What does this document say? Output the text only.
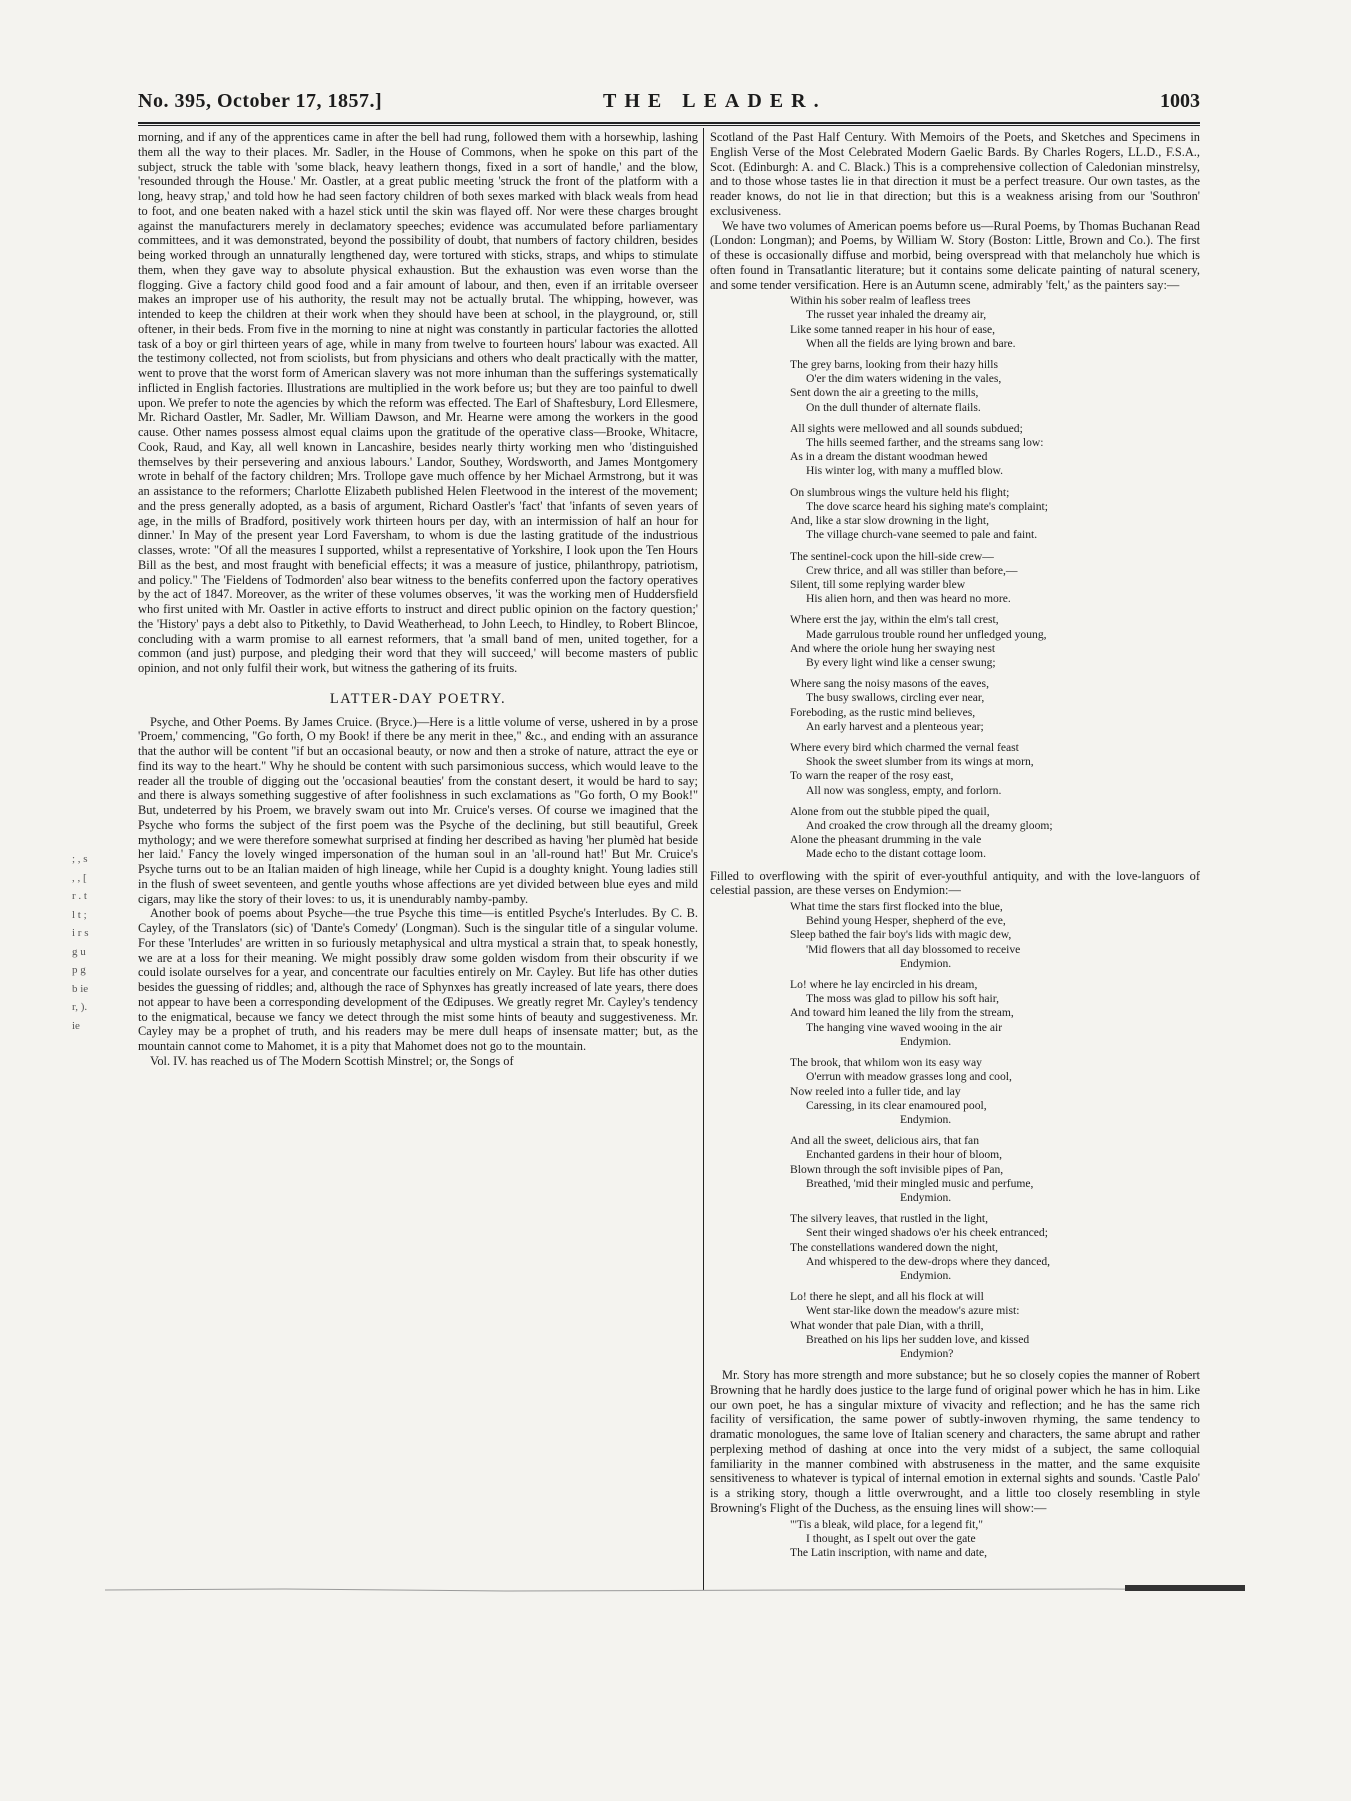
No. 395, October 17, 1857.]	THE LEADER.	1003
; , s , , [ r . t l t ; i r s g u p g b ie r, ). ie

morning, and if any of the apprentices came in after the bell had rung, followed them with a horsewhip, lashing them all the way to their places. Mr. Sadler, in the House of Commons, when he spoke on this part of the subject, struck the table with 'some black, heavy leathern thongs, fixed in a sort of handle,' and the blow, 'resounded through the House.' Mr. Oastler, at a great public meeting 'struck the front of the platform with a long, heavy strap,' and told how he had seen factory children of both sexes marked with black weals from head to foot, and one beaten naked with a hazel stick until the skin was flayed off. Nor were these charges brought against the manufacturers merely in declamatory speeches; evidence was accumulated before parliamentary committees, and it was demonstrated, beyond the possibility of doubt, that numbers of factory children, besides being worked through an unnaturally lengthened day, were tortured with sticks, straps, and whips to stimulate them, when they gave way to absolute physical exhaustion. But the exhaustion was even worse than the flogging. Give a factory child good food and a fair amount of labour, and then, even if an irritable overseer makes an improper use of his authority, the result may not be actually brutal. The whipping, however, was intended to keep the children at their work when they should have been at school, in the playground, or, still oftener, in their beds. From five in the morning to nine at night was constantly in particular factories the allotted task of a boy or girl thirteen years of age, while in many from twelve to fourteen hours' labour was exacted. All the testimony collected, not from sciolists, but from physicians and others who dealt practically with the matter, went to prove that the worst form of American slavery was not more inhuman than the sufferings systematically inflicted in English factories. Illustrations are multiplied in the work before us; but they are too painful to dwell upon. We prefer to note the agencies by which the reform was effected. The Earl of Shaftesbury, Lord Ellesmere, Mr. Richard Oastler, Mr. Sadler, Mr. William Dawson, and Mr. Hearne were among the workers in the good cause. Other names possess almost equal claims upon the gratitude of the operative class—Brooke, Whitacre, Cook, Raud, and Kay, all well known in Lancashire, besides nearly thirty working men who 'distinguished themselves by their persevering and anxious labours.' Landor, Southey, Wordsworth, and James Montgomery wrote in behalf of the factory children; Mrs. Trollope gave much offence by her Michael Armstrong, but it was an assistance to the reformers; Charlotte Elizabeth published Helen Fleetwood in the interest of the movement; and the press generally adopted, as a basis of argument, Richard Oastler's 'fact' that 'infants of seven years of age, in the mills of Bradford, positively work thirteen hours per day, with an intermission of half an hour for dinner.' In May of the present year Lord Faversham, to whom is due the lasting gratitude of the industrious classes, wrote: "Of all the measures I supported, whilst a representative of Yorkshire, I look upon the Ten Hours Bill as the best, and most fraught with beneficial effects; it was a measure of justice, philanthropy, patriotism, and policy." The 'Fieldens of Todmorden' also bear witness to the benefits conferred upon the factory operatives by the act of 1847. Moreover, as the writer of these volumes observes, 'it was the working men of Huddersfield who first united with Mr. Oastler in active efforts to instruct and direct public opinion on the factory question;' the 'History' pays a debt also to Pitkethly, to David Weatherhead, to John Leech, to Hindley, to Robert Blincoe, concluding with a warm promise to all earnest reformers, that 'a small band of men, united together, for a common (and just) purpose, and pledging their word that they will succeed,' will become masters of public opinion, and not only fulfil their work, but witness the gathering of its fruits.

LATTER-DAY POETRY.

Psyche, and Other Poems. By James Cruice. (Bryce.)—Here is a little volume of verse, ushered in by a prose 'Proem,' commencing, "Go forth, O my Book! if there be any merit in thee," &c., and ending with an assurance that the author will be content "if but an occasional beauty, or now and then a stroke of nature, attract the eye or find its way to the heart." Why he should be content with such parsimonious success, which would leave to the reader all the trouble of digging out the 'occasional beauties' from the constant desert, it would be hard to say; and there is always something suggestive of after foolishness in such exclamations as "Go forth, O my Book!" But, undeterred by his Proem, we bravely swam out into Mr. Cruice's verses. Of course we imagined that the Psyche who forms the subject of the first poem was the Psyche of the declining, but still beautiful, Greek mythology; and we were therefore somewhat surprised at finding her described as having 'her plumèd hat beside her laid.' Fancy the lovely winged impersonation of the human soul in an 'all-round hat!' But Mr. Cruice's Psyche turns out to be an Italian maiden of high lineage, while her Cupid is a doughty knight. Young ladies still in the flush of sweet seventeen, and gentle youths whose affections are yet divided between blue eyes and mild cigars, may like the story of their loves: to us, it is unendurably namby-pamby.

Another book of poems about Psyche—the true Psyche this time—is entitled Psyche's Interludes. By C. B. Cayley, of the Translators (sic) of 'Dante's Comedy' (Longman). Such is the singular title of a singular volume. For these 'Interludes' are written in so furiously metaphysical and ultra mystical a strain that, to speak honestly, we are at a loss for their meaning. We might possibly draw some golden wisdom from their obscurity if we could isolate ourselves for a year, and concentrate our faculties entirely on Mr. Cayley. But life has other duties besides the guessing of riddles; and, although the race of Sphynxes has greatly increased of late years, there does not appear to have been a corresponding development of the Œdipuses. We greatly regret Mr. Cayley's tendency to the enigmatical, because we fancy we detect through the mist some hints of beauty and suggestiveness. Mr. Cayley may be a prophet of truth, and his readers may be mere dull heaps of insensate matter; but, as the mountain cannot come to Mahomet, it is a pity that Mahomet does not go to the mountain.

Vol. IV. has reached us of The Modern Scottish Minstrel; or, the Songs of

Scotland of the Past Half Century. With Memoirs of the Poets, and Sketches and Specimens in English Verse of the Most Celebrated Modern Gaelic Bards. By Charles Rogers, LL.D., F.S.A., Scot. (Edinburgh: A. and C. Black.) This is a comprehensive collection of Caledonian minstrelsy, and to those whose tastes lie in that direction it must be a perfect treasure. Our own tastes, as the reader knows, do not lie in that direction; but this is a weakness arising from our 'Southron' exclusiveness.

We have two volumes of American poems before us—Rural Poems, by Thomas Buchanan Read (London: Longman); and Poems, by William W. Story (Boston: Little, Brown and Co.). The first of these is occasionally diffuse and morbid, being overspread with that melancholy hue which is often found in Transatlantic literature; but it contains some delicate painting of natural scenery, and some tender versification. Here is an Autumn scene, admirably 'felt,' as the painters say:—

Within his sober realm of leafless trees
The russet year inhaled the dreamy air,
Like some tanned reaper in his hour of ease,
When all the fields are lying brown and bare.
The grey barns, looking from their hazy hills
O'er the dim waters widening in the vales,
Sent down the air a greeting to the mills,
On the dull thunder of alternate flails.
All sights were mellowed and all sounds subdued;
The hills seemed farther, and the streams sang low:
As in a dream the distant woodman hewed
His winter log, with many a muffled blow.
On slumbrous wings the vulture held his flight;
The dove scarce heard his sighing mate's complaint;
And, like a star slow drowning in the light,
The village church-vane seemed to pale and faint.
The sentinel-cock upon the hill-side crew—
Crew thrice, and all was stiller than before,—
Silent, till some replying warder blew
His alien horn, and then was heard no more.
Where erst the jay, within the elm's tall crest,
Made garrulous trouble round her unfledged young,
And where the oriole hung her swaying nest
By every light wind like a censer swung;
Where sang the noisy masons of the eaves,
The busy swallows, circling ever near,
Foreboding, as the rustic mind believes,
An early harvest and a plenteous year;
Where every bird which charmed the vernal feast
Shook the sweet slumber from its wings at morn,
To warn the reaper of the rosy east,
All now was songless, empty, and forlorn.
Alone from out the stubble piped the quail,
And croaked the crow through all the dreamy gloom;
Alone the pheasant drumming in the vale
Made echo to the distant cottage loom.

Filled to overflowing with the spirit of ever-youthful antiquity, and with the love-languors of celestial passion, are these verses on Endymion:—

What time the stars first flocked into the blue,
Behind young Hesper, shepherd of the eve,
Sleep bathed the fair boy's lids with magic dew,
'Mid flowers that all day blossomed to receive
Endymion.
Lo! where he lay encircled in his dream,
The moss was glad to pillow his soft hair,
And toward him leaned the lily from the stream,
The hanging vine waved wooing in the air
Endymion.
The brook, that whilom won its easy way
O'errun with meadow grasses long and cool,
Now reeled into a fuller tide, and lay
Caressing, in its clear enamoured pool,
Endymion.
And all the sweet, delicious airs, that fan
Enchanted gardens in their hour of bloom,
Blown through the soft invisible pipes of Pan,
Breathed, 'mid their mingled music and perfume,
Endymion.
The silvery leaves, that rustled in the light,
Sent their winged shadows o'er his cheek entranced;
The constellations wandered down the night,
And whispered to the dew-drops where they danced,
Endymion.
Lo! there he slept, and all his flock at will
Went star-like down the meadow's azure mist:
What wonder that pale Dian, with a thrill,
Breathed on his lips her sudden love, and kissed
Endymion?

Mr. Story has more strength and more substance; but he so closely copies the manner of Robert Browning that he hardly does justice to the large fund of original power which he has in him. Like our own poet, he has a singular mixture of vivacity and reflection; and he has the same rich facility of versification, the same power of subtly-inwoven rhyming, the same tendency to dramatic monologues, the same love of Italian scenery and characters, the same abrupt and rather perplexing method of dashing at once into the very midst of a subject, the same colloquial familiarity in the manner combined with abstruseness in the matter, and the same exquisite sensitiveness to whatever is typical of internal emotion in external sights and sounds. 'Castle Palo' is a striking story, though a little overwrought, and a little too closely resembling in style Browning's Flight of the Duchess, as the ensuing lines will show:—

"'Tis a bleak, wild place, for a legend fit,"
I thought, as I spelt out over the gate
The Latin inscription, with name and date,
